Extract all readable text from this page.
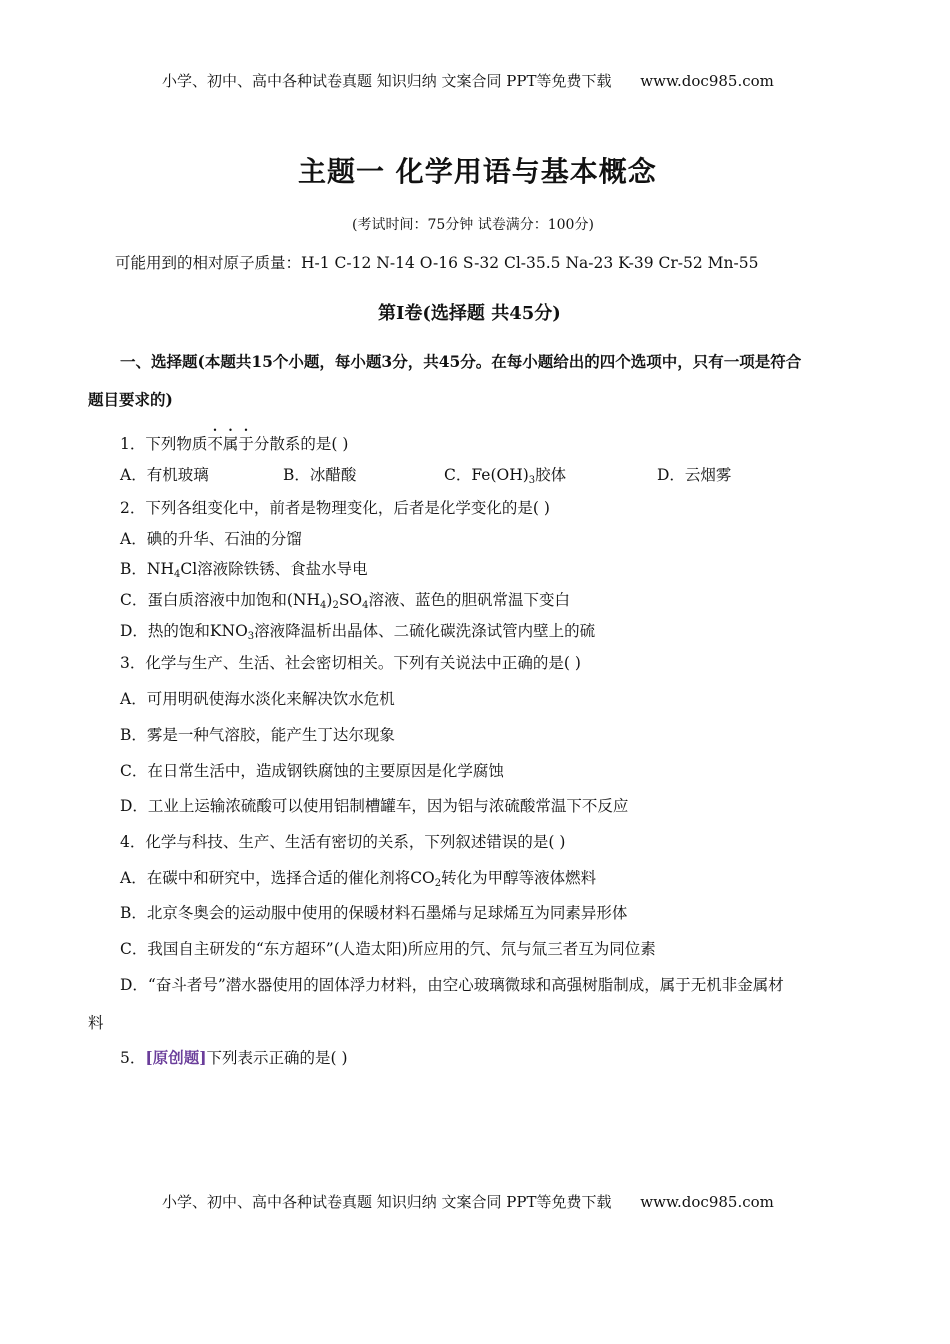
小学、初中、高中各种试卷真题 知识归纳 文案合同 PPT等免费下载 www.doc985.com
主题一 化学用语与基本概念
(考试时间：75分钟 试卷满分：100分)
可能用到的相对原子质量：H-1 C-12 N-14 O-16 S-32 Cl-35.5 Na-23 K-39 Cr-52 Mn-55
第Ⅰ卷(选择题 共45分)
一、选择题(本题共15个小题，每小题3分，共45分。在每小题给出的四个选项中，只有一项是符合
题目要求的)
1．下列物质不属于分散系的是( )
A．有机玻璃	B．冰醋酸	C．$Fe(OH)_3$胶体	D．云烟雾
2．下列各组变化中，前者是物理变化，后者是化学变化的是( )
A．碘的升华、石油的分馏
B．$NH_4Cl$溶液除铁锈、食盐水导电
C．蛋白质溶液中加饱和$(NH_4)_2SO_4$溶液、蓝色的胆矾常温下变白
D．热的饱和$KNO_3$溶液降温析出晶体、二硫化碳洗涤试管内壁上的硫
3．化学与生产、生活、社会密切相关。下列有关说法中正确的是( )
A．可用明矾使海水淡化来解决饮水危机
B．雾是一种气溶胶，能产生丁达尔现象
C．在日常生活中，造成钢铁腐蚀的主要原因是化学腐蚀
D．工业上运输浓硫酸可以使用铝制槽罐车，因为铝与浓硫酸常温下不反应
4．化学与科技、生产、生活有密切的关系，下列叙述错误的是( )
A．在碳中和研究中，选择合适的催化剂将$CO_2$转化为甲醇等液体燃料
B．北京冬奥会的运动服中使用的保暖材料石墨烯与足球烯互为同素异形体
C．我国自主研发的“东方超环”(人造太阳)所应用的氕、氘与氚三者互为同位素
D．“奋斗者号”潜水器使用的固体浮力材料，由空心玻璃微球和高强树脂制成，属于无机非金属材
料
5．[原创题]下列表示正确的是( )
小学、初中、高中各种试卷真题 知识归纳 文案合同 PPT等免费下载 www.doc985.com
